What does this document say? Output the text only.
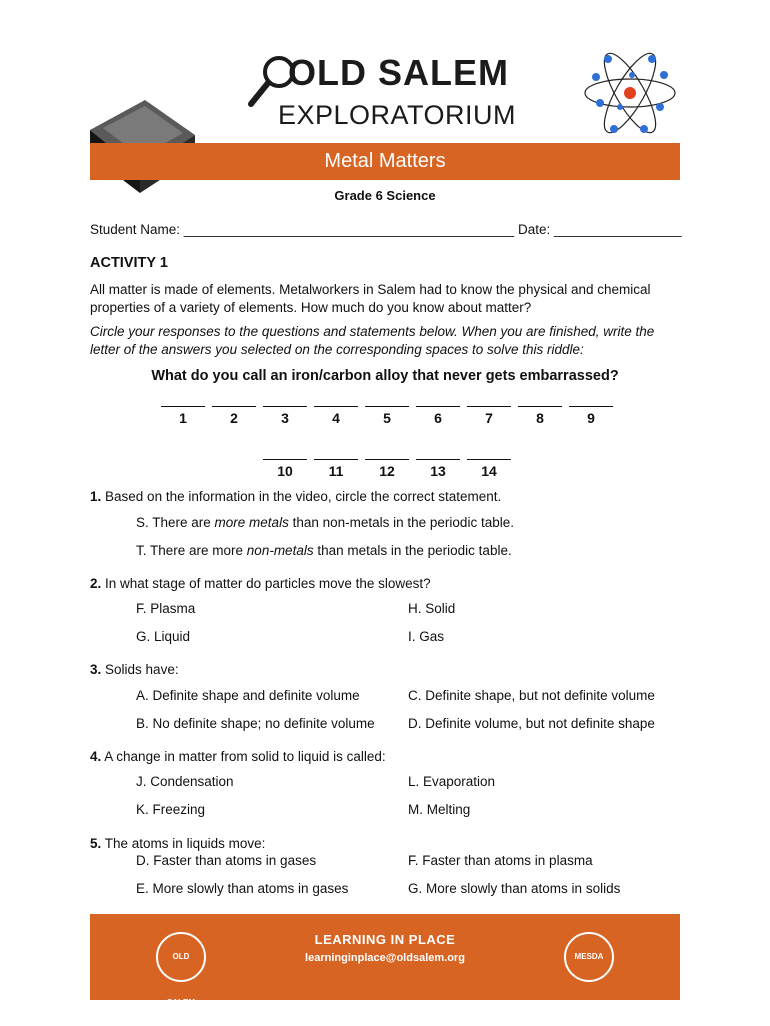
OLD SALEM
EXPLORATORIUM
Metal Matters
Grade 6 Science
Student Name: ____________________________________________ Date: _________________
ACTIVITY 1
All matter is made of elements. Metalworkers in Salem had to know the physical and chemical properties of a variety of elements. How much do you know about matter?
Circle your responses to the questions and statements below. When you are finished, write the letter of the answers you selected on the corresponding spaces to solve this riddle:
What do you call an iron/carbon alloy that never gets embarrassed?
1	2	3	4	5	6	7	8	9
10	11	12	13	14
1. Based on the information in the video, circle the correct statement.
S. There are more metals than non-metals in the periodic table.
T. There are more non-metals than metals in the periodic table.
2. In what stage of matter do particles move the slowest?
F. Plasma	H. Solid
G. Liquid	I. Gas
3. Solids have:
A. Definite shape and definite volume	C. Definite shape, but not definite volume
B. No definite shape; no definite volume D. Definite volume, but not definite shape
4. A change in matter from solid to liquid is called:
J. Condensation	L. Evaporation
K. Freezing	M. Melting
5. The atoms in liquids move:
D. Faster than atoms in gases	F. Faster than atoms in plasma
E. More slowly than atoms in gases	G. More slowly than atoms in solids
OLD SALEM
LEARNING IN PLACE
learninginplace@oldsalem.org	MESDA
